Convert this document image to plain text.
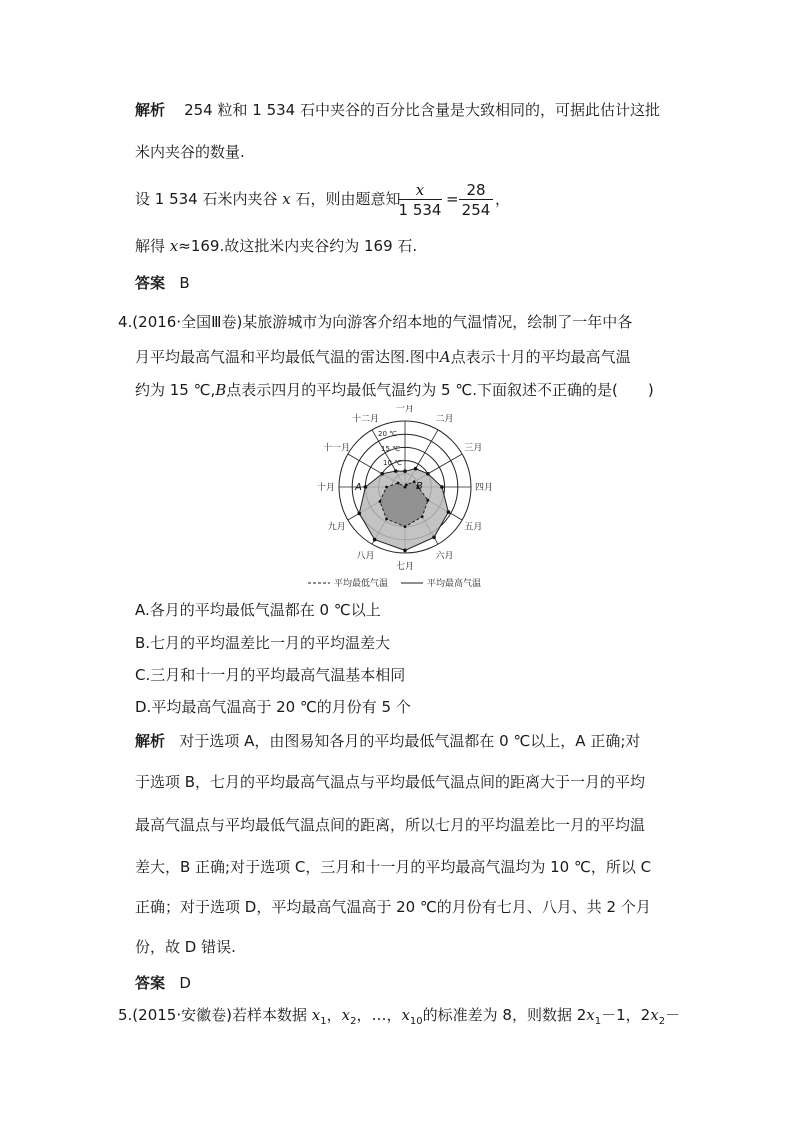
解析 254 粒和 1 534 石中夹谷的百分比含量是大致相同的，可据此估计这批
米内夹谷的数量.
设 1 534 石米内夹谷 x 石，则由题意知
$\frac{x}{1 534} = \frac{28}{254}$ ，
解得 x≈169.故这批米内夹谷约为 169 石.
答案 B
4.(2016·全国Ⅲ卷)某旅游城市为向游客介绍本地的气温情况，绘制了一年中各
月平均最高气温和平均最低气温的雷达图.图中A点表示十月的平均最高气温
约为 15 ℃,B点表示四月的平均最低气温约为 5 ℃.下面叙述不正确的是(　　)
一月
二月
三月
四月
五月
六月
七月
八月
九月
十月
十一月
十二月
20 ℃
15 ℃
10 ℃
A	B
平均最低气温	平均最高气温
A.各月的平均最低气温都在 0 ℃以上
B.七月的平均温差比一月的平均温差大
C.三月和十一月的平均最高气温基本相同
D.平均最高气温高于 20 ℃的月份有 5 个
解析 对于选项 A，由图易知各月的平均最低气温都在 0 ℃以上，A 正确;对
于选项 B，七月的平均最高气温点与平均最低气温点间的距离大于一月的平均
最高气温点与平均最低气温点间的距离，所以七月的平均温差比一月的平均温
差大，B 正确;对于选项 C，三月和十一月的平均最高气温均为 10 ℃，所以 C
正确；对于选项 D，平均最高气温高于 20 ℃的月份有七月、八月、共 2 个月
份，故 D 错误.
答案 D
5.(2015·安徽卷)若样本数据 $x_1$，$x_2$，…，$x_{10}$的标准差为 8，则数据 $2x_1-1$，$2x_2-$
